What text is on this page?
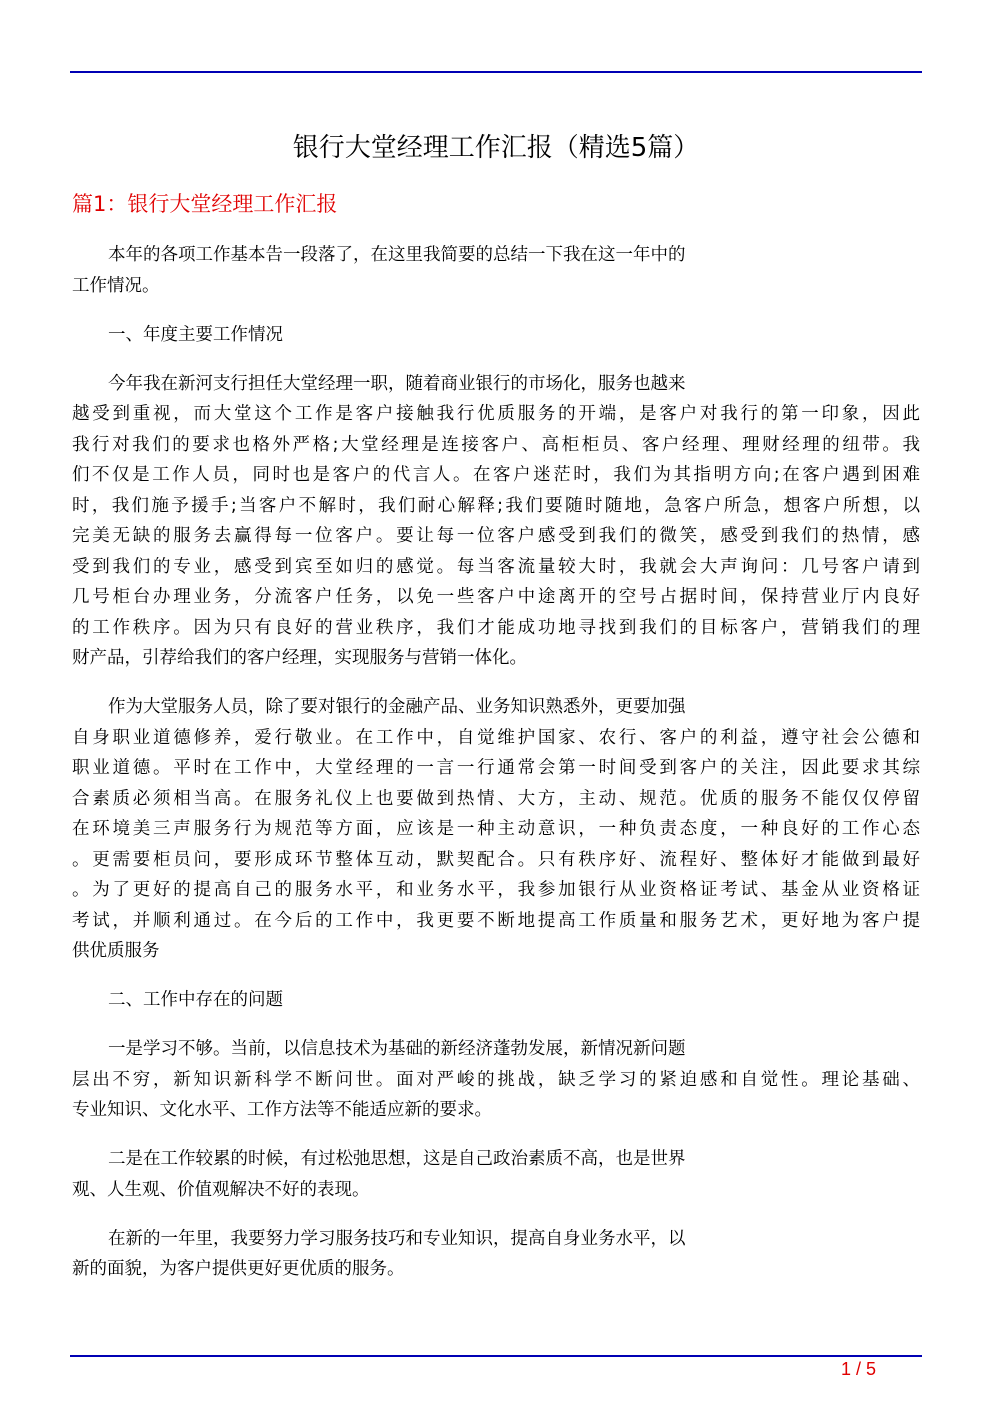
银行大堂经理工作汇报（精选5篇）
篇1：银行大堂经理工作汇报
本年的各项工作基本告一段落了，在这里我简要的总结一下我在这一年中的
工作情况。
一、年度主要工作情况
今年我在新河支行担任大堂经理一职，随着商业银行的市场化，服务也越来
越受到重视，而大堂这个工作是客户接触我行优质服务的开端，是客户对我行的第一印象，因此
我行对我们的要求也格外严格;大堂经理是连接客户、高柜柜员、客户经理、理财经理的纽带。我
们不仅是工作人员，同时也是客户的代言人。在客户迷茫时，我们为其指明方向;在客户遇到困难
时，我们施予援手;当客户不解时，我们耐心解释;我们要随时随地，急客户所急，想客户所想，以
完美无缺的服务去赢得每一位客户。要让每一位客户感受到我们的微笑，感受到我们的热情，感
受到我们的专业，感受到宾至如归的感觉。每当客流量较大时，我就会大声询问：几号客户请到
几号柜台办理业务，分流客户任务，以免一些客户中途离开的空号占据时间，保持营业厅内良好
的工作秩序。因为只有良好的营业秩序，我们才能成功地寻找到我们的目标客户，营销我们的理
财产品，引荐给我们的客户经理，实现服务与营销一体化。
作为大堂服务人员，除了要对银行的金融产品、业务知识熟悉外，更要加强
自身职业道德修养，爱行敬业。在工作中，自觉维护国家、农行、客户的利益，遵守社会公德和
职业道德。平时在工作中，大堂经理的一言一行通常会第一时间受到客户的关注，因此要求其综
合素质必须相当高。在服务礼仪上也要做到热情、大方，主动、规范。优质的服务不能仅仅停留
在环境美三声服务行为规范等方面，应该是一种主动意识，一种负责态度，一种良好的工作心态
。更需要柜员问，要形成环节整体互动，默契配合。只有秩序好、流程好、整体好才能做到最好
。为了更好的提高自己的服务水平，和业务水平，我参加银行从业资格证考试、基金从业资格证
考试，并顺利通过。在今后的工作中，我更要不断地提高工作质量和服务艺术，更好地为客户提
供优质服务
二、工作中存在的问题
一是学习不够。当前，以信息技术为基础的新经济蓬勃发展，新情况新问题
层出不穷，新知识新科学不断问世。面对严峻的挑战，缺乏学习的紧迫感和自觉性。理论基础、
专业知识、文化水平、工作方法等不能适应新的要求。
二是在工作较累的时候，有过松弛思想，这是自己政治素质不高，也是世界
观、人生观、价值观解决不好的表现。
在新的一年里，我要努力学习服务技巧和专业知识，提高自身业务水平，以
新的面貌，为客户提供更好更优质的服务。
1 / 5
